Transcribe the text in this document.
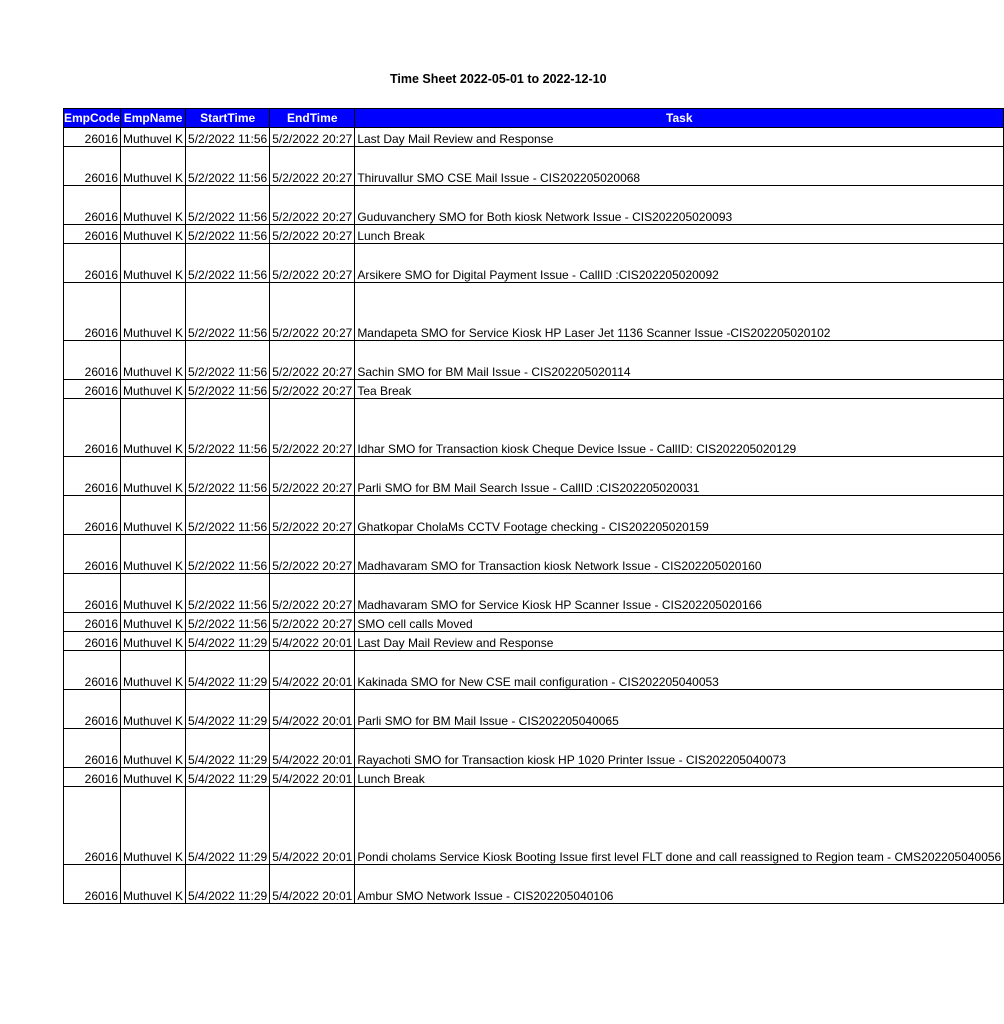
Time Sheet 2022-05-01 to 2022-12-10
EmpCode	EmpName	StartTime	EndTime	Task
26016	Muthuvel K	5/2/2022 11:56	5/2/2022 20:27	Last Day Mail Review and Response
26016	Muthuvel K	5/2/2022 11:56	5/2/2022 20:27	Thiruvallur SMO CSE Mail Issue - CIS202205020068
26016	Muthuvel K	5/2/2022 11:56	5/2/2022 20:27	Guduvanchery SMO for Both kiosk Network Issue - CIS202205020093
26016	Muthuvel K	5/2/2022 11:56	5/2/2022 20:27	Lunch Break
26016	Muthuvel K	5/2/2022 11:56	5/2/2022 20:27	Arsikere SMO for Digital Payment Issue - CallID :CIS202205020092
26016	Muthuvel K	5/2/2022 11:56	5/2/2022 20:27	Mandapeta SMO for Service Kiosk HP Laser Jet 1136 Scanner Issue -CIS202205020102
26016	Muthuvel K	5/2/2022 11:56	5/2/2022 20:27	Sachin SMO for BM Mail Issue - CIS202205020114
26016	Muthuvel K	5/2/2022 11:56	5/2/2022 20:27	Tea Break
26016	Muthuvel K	5/2/2022 11:56	5/2/2022 20:27	Idhar SMO for Transaction kiosk Cheque Device Issue - CallID: CIS202205020129
26016	Muthuvel K	5/2/2022 11:56	5/2/2022 20:27	Parli SMO for BM Mail Search Issue - CallID :CIS202205020031
26016	Muthuvel K	5/2/2022 11:56	5/2/2022 20:27	Ghatkopar CholaMs CCTV Footage checking - CIS202205020159
26016	Muthuvel K	5/2/2022 11:56	5/2/2022 20:27	Madhavaram SMO for Transaction kiosk Network Issue - CIS202205020160
26016	Muthuvel K	5/2/2022 11:56	5/2/2022 20:27	Madhavaram SMO for Service Kiosk HP Scanner Issue - CIS202205020166
26016	Muthuvel K	5/2/2022 11:56	5/2/2022 20:27	SMO cell calls Moved
26016	Muthuvel K	5/4/2022 11:29	5/4/2022 20:01	Last Day Mail Review and Response
26016	Muthuvel K	5/4/2022 11:29	5/4/2022 20:01	Kakinada SMO for New CSE mail configuration - CIS202205040053
26016	Muthuvel K	5/4/2022 11:29	5/4/2022 20:01	Parli SMO for BM Mail Issue - CIS202205040065
26016	Muthuvel K	5/4/2022 11:29	5/4/2022 20:01	Rayachoti SMO for Transaction kiosk HP 1020 Printer Issue - CIS202205040073
26016	Muthuvel K	5/4/2022 11:29	5/4/2022 20:01	Lunch Break
26016	Muthuvel K	5/4/2022 11:29	5/4/2022 20:01	Pondi cholams Service Kiosk Booting Issue first level FLT done and call reassigned to Region team - CMS202205040056
26016	Muthuvel K	5/4/2022 11:29	5/4/2022 20:01	Ambur SMO Network Issue - CIS202205040106
